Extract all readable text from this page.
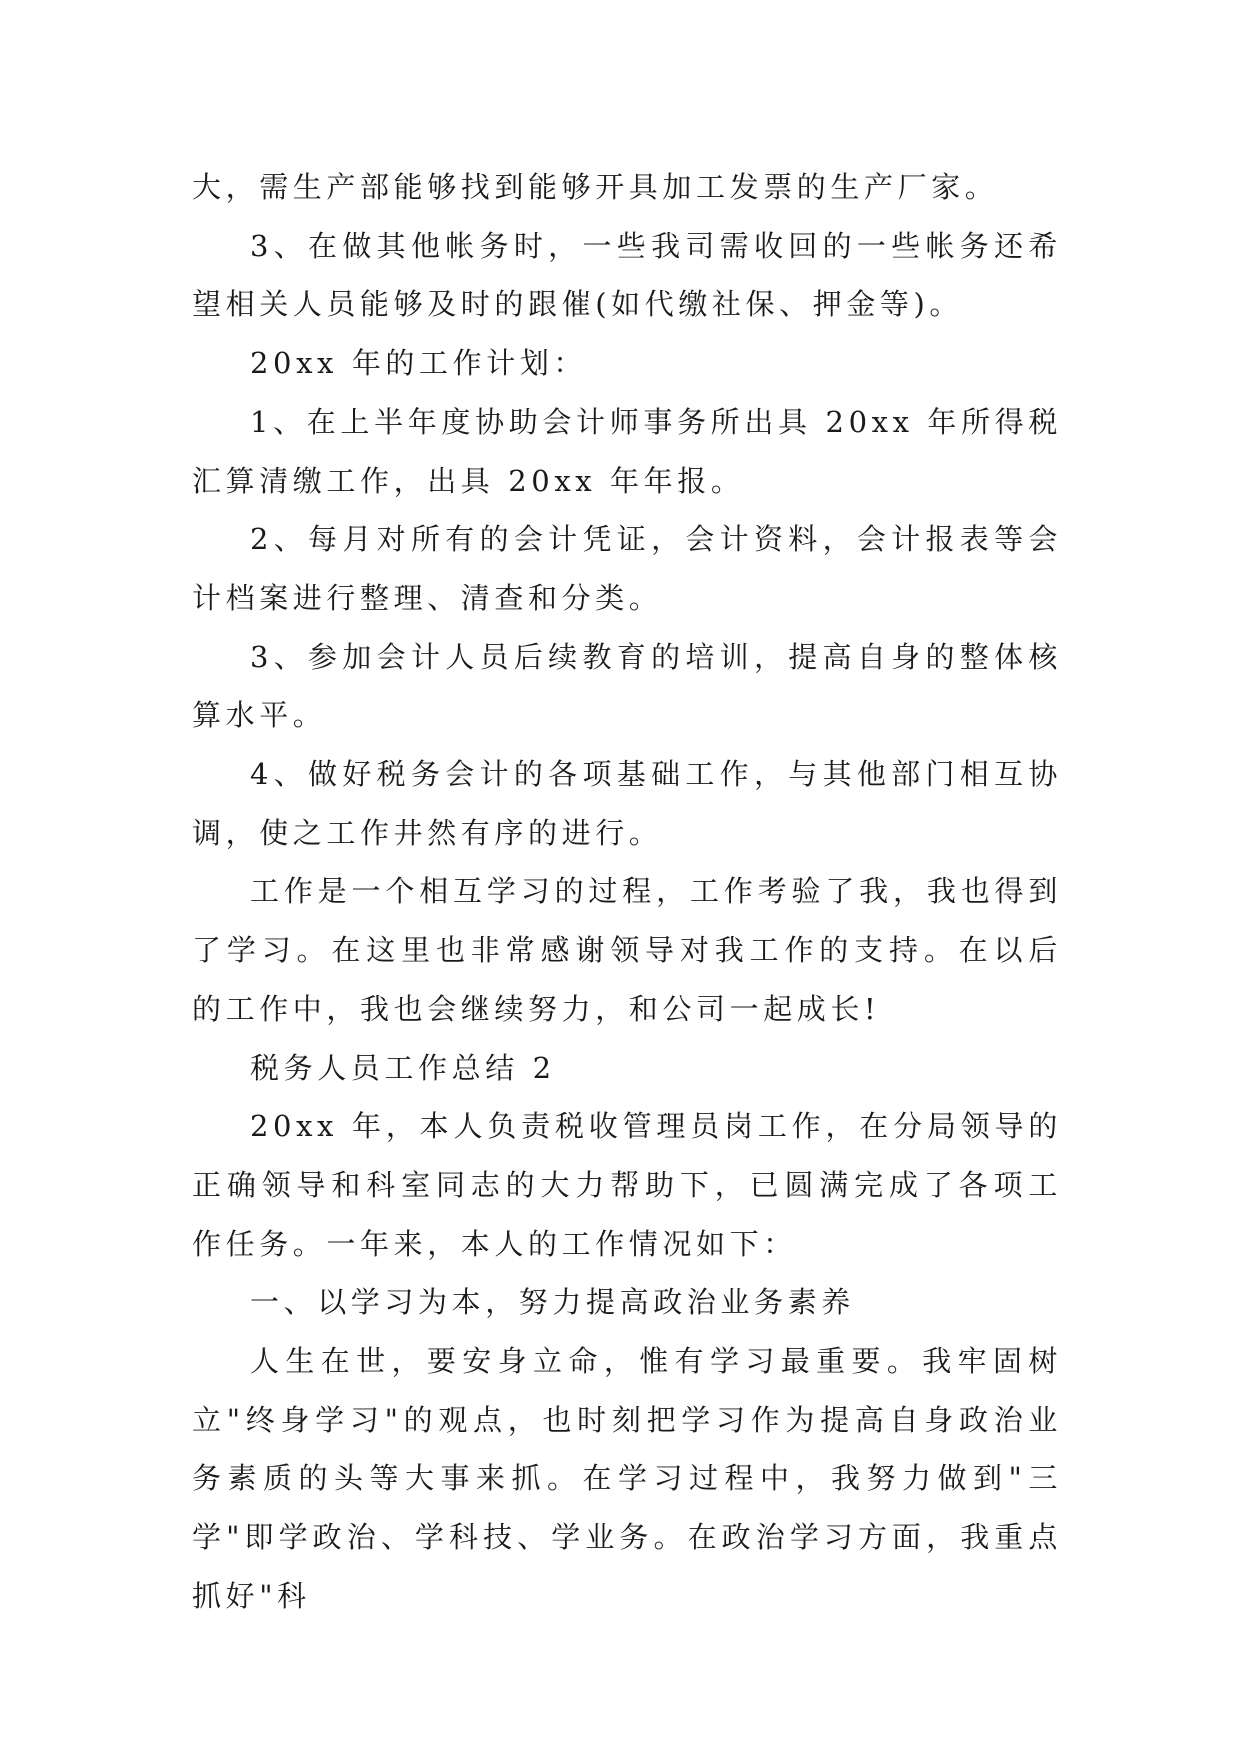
大，需生产部能够找到能够开具加工发票的生产厂家。

3、在做其他帐务时，一些我司需收回的一些帐务还希望相关人员能够及时的跟催(如代缴社保、押金等)。

20xx 年的工作计划：

1、在上半年度协助会计师事务所出具 20xx 年所得税汇算清缴工作，出具 20xx 年年报。

2、每月对所有的会计凭证，会计资料，会计报表等会计档案进行整理、清查和分类。

3、参加会计人员后续教育的培训，提高自身的整体核算水平。

4、做好税务会计的各项基础工作，与其他部门相互协调，使之工作井然有序的进行。

工作是一个相互学习的过程，工作考验了我，我也得到了学习。在这里也非常感谢领导对我工作的支持。在以后的工作中，我也会继续努力，和公司一起成长!

税务人员工作总结 2

20xx 年，本人负责税收管理员岗工作，在分局领导的正确领导和科室同志的大力帮助下，已圆满完成了各项工作任务。一年来，本人的工作情况如下：

一、以学习为本，努力提高政治业务素养

人生在世，要安身立命，惟有学习最重要。我牢固树立"终身学习"的观点，也时刻把学习作为提高自身政治业务素质的头等大事来抓。在学习过程中，我努力做到"三学"即学政治、学科技、学业务。在政治学习方面，我重点抓好"科
